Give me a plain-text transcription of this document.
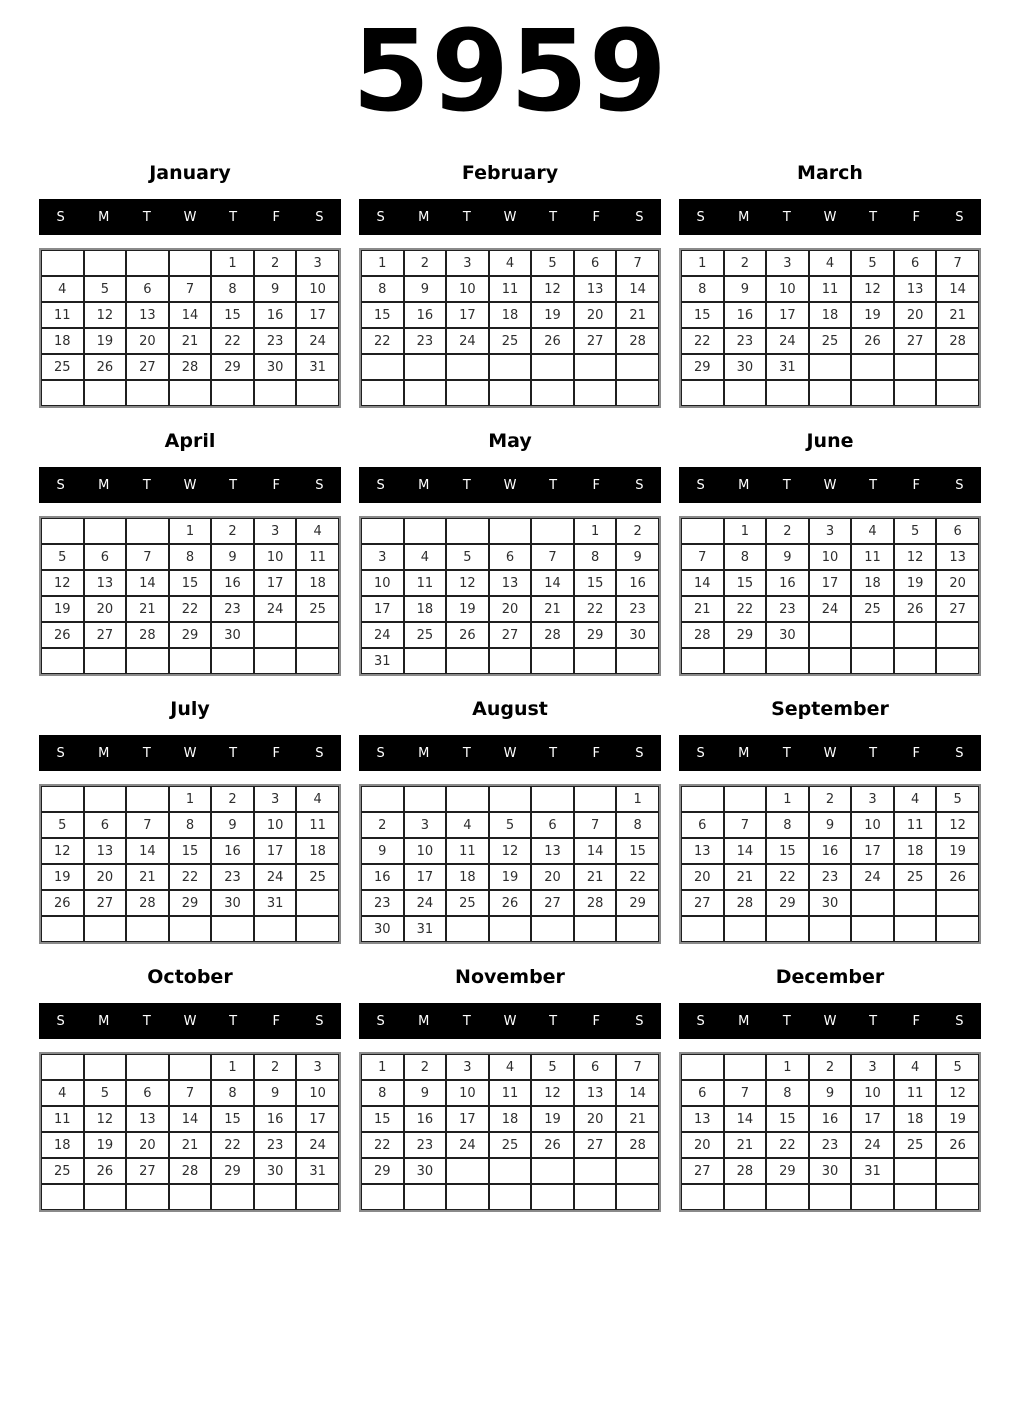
5959
January
S	M	T	W	T	F	S
				1	2	3
4	5	6	7	8	9	10
11	12	13	14	15	16	17
18	19	20	21	22	23	24
25	26	27	28	29	30	31

February
S	M	T	W	T	F	S
1	2	3	4	5	6	7
8	9	10	11	12	13	14
15	16	17	18	19	20	21
22	23	24	25	26	27	28

March
S	M	T	W	T	F	S
1	2	3	4	5	6	7
8	9	10	11	12	13	14
15	16	17	18	19	20	21
22	23	24	25	26	27	28
29	30	31				

April
S	M	T	W	T	F	S
			1	2	3	4
5	6	7	8	9	10	11
12	13	14	15	16	17	18
19	20	21	22	23	24	25
26	27	28	29	30		

May
S	M	T	W	T	F	S
					1	2
3	4	5	6	7	8	9
10	11	12	13	14	15	16
17	18	19	20	21	22	23
24	25	26	27	28	29	30
31						
June
S	M	T	W	T	F	S
	1	2	3	4	5	6
7	8	9	10	11	12	13
14	15	16	17	18	19	20
21	22	23	24	25	26	27
28	29	30				

July
S	M	T	W	T	F	S
			1	2	3	4
5	6	7	8	9	10	11
12	13	14	15	16	17	18
19	20	21	22	23	24	25
26	27	28	29	30	31	

August
S	M	T	W	T	F	S
						1
2	3	4	5	6	7	8
9	10	11	12	13	14	15
16	17	18	19	20	21	22
23	24	25	26	27	28	29
30	31					
September
S	M	T	W	T	F	S
		1	2	3	4	5
6	7	8	9	10	11	12
13	14	15	16	17	18	19
20	21	22	23	24	25	26
27	28	29	30			

October
S	M	T	W	T	F	S
				1	2	3
4	5	6	7	8	9	10
11	12	13	14	15	16	17
18	19	20	21	22	23	24
25	26	27	28	29	30	31

November
S	M	T	W	T	F	S
1	2	3	4	5	6	7
8	9	10	11	12	13	14
15	16	17	18	19	20	21
22	23	24	25	26	27	28
29	30					

December
S	M	T	W	T	F	S
		1	2	3	4	5
6	7	8	9	10	11	12
13	14	15	16	17	18	19
20	21	22	23	24	25	26
27	28	29	30	31		
